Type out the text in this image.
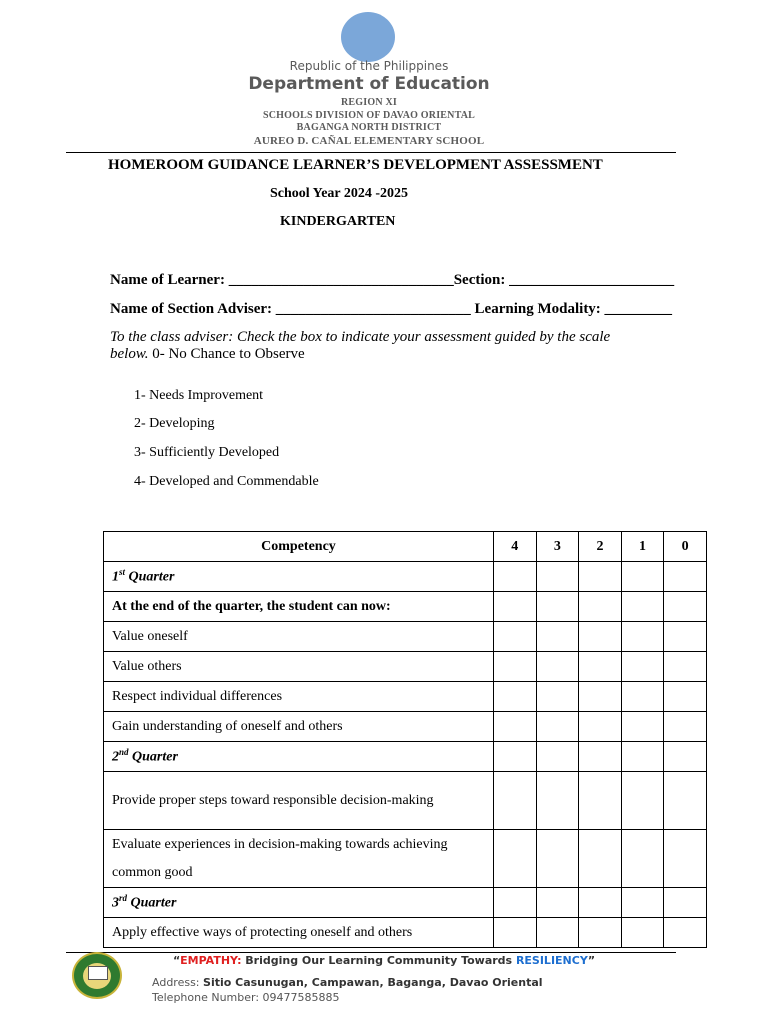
Republic of the Philippines
Department of Education
REGION XI
SCHOOLS DIVISION OF DAVAO ORIENTAL
BAGANGA NORTH DISTRICT
AUREO D. CAÑAL ELEMENTARY SCHOOL
HOMEROOM GUIDANCE LEARNER’S DEVELOPMENT ASSESSMENT
School Year 2024 -2025
KINDERGARTEN
Name of Learner: ______________________________Section: ______________________
Name of Section Adviser: __________________________ Learning Modality: _________
To the class adviser: Check the box to indicate your assessment guided by the scale below. 0- No Chance to Observe
1- Needs Improvement
2- Developing
3- Sufficiently Developed
4- Developed and Commendable
Competency	4	3	2	1	0
1st Quarter					
At the end of the quarter, the student can now:					
Value oneself					
Value others					
Respect individual differences					
Gain understanding of oneself and others					
2nd Quarter					
Provide proper steps toward responsible decision-making					
Evaluate experiences in decision-making towards achieving common good					
3rd Quarter					
Apply effective ways of protecting oneself and others					
“EMPATHY: Bridging Our Learning Community Towards RESILIENCY”
Address: Sitio Casunugan, Campawan, Baganga, Davao Oriental
Telephone Number: 09477585885
